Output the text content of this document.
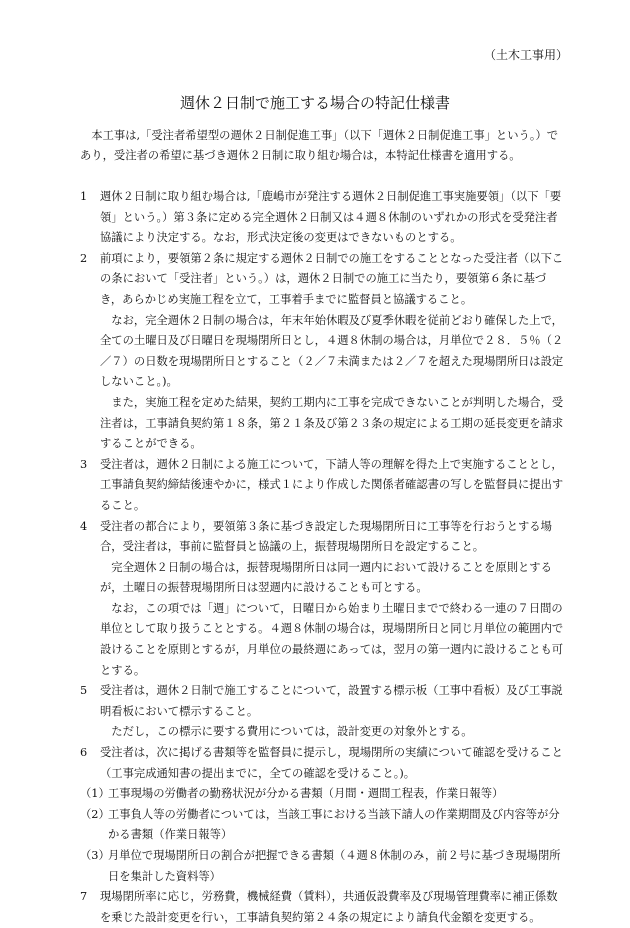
（土木工事用）
週休２日制で施工する場合の特記仕様書

本工事は,「受注者希望型の週休２日制促進工事」（以下「週休２日制促進工事」という。）であり，受注者の希望に基づき週休２日制に取り組む場合は，本特記仕様書を適用する。

1	週休２日制に取り組む場合は,「鹿嶋市が発注する週休２日制促進工事実施要領」（以下「要領」という。）第３条に定める完全週休２日制又は４週８休制のいずれかの形式を受発注者協議により決定する。なお，形式決定後の変更はできないものとする。
2	前項により，要領第２条に規定する週休２日制での施工をすることとなった受注者（以下この条において「受注者」という。）は，週休２日制での施工に当たり，要領第６条に基づき，あらかじめ実施工程を立て，工事着手までに監督員と協議すること。

なお，完全週休２日制の場合は，年末年始休暇及び夏季休暇を従前どおり確保した上で，全ての土曜日及び日曜日を現場閉所日とし，４週８休制の場合は，月単位で２８．５％（２／７）の日数を現場閉所日とすること（２／７未満または２／７を超えた現場閉所日は設定しないこと。)。

また，実施工程を定めた結果，契約工期内に工事を完成できないことが判明した場合，受注者は，工事請負契約第１８条，第２１条及び第２３条の規定による工期の延長変更を請求することができる。

3	受注者は，週休２日制による施工について，下請人等の理解を得た上で実施することとし，工事請負契約締結後速やかに，様式１により作成した関係者確認書の写しを監督員に提出すること。
4	受注者の都合により，要領第３条に基づき設定した現場閉所日に工事等を行おうとする場合，受注者は，事前に監督員と協議の上，振替現場閉所日を設定すること。

完全週休２日制の場合は，振替現場閉所日は同一週内において設けることを原則とするが，土曜日の振替現場閉所日は翌週内に設けることも可とする。

なお，この項では「週」について，日曜日から始まり土曜日までで終わる一連の７日間の単位として取り扱うこととする。４週８休制の場合は，現場閉所日と同じ月単位の範囲内で設けることを原則とするが，月単位の最終週にあっては，翌月の第一週内に設けることも可とする。

5	受注者は，週休２日制で施工することについて，設置する標示板（工事中看板）及び工事説明看板において標示すること。

ただし，この標示に要する費用については，設計変更の対象外とする。

6	受注者は，次に掲げる書類等を監督員に提示し，現場閉所の実績について確認を受けること（工事完成通知書の提出までに，全ての確認を受けること。)。
（1）
工事現場の労働者の勤務状況が分かる書類（月間・週間工程表，作業日報等）
（2）
工事負人等の労働者については，当該工事における当該下請人の作業期間及び内容等が分かる書類（作業日報等）
（3）
月単位で現場閉所日の割合が把握できる書類（４週８休制のみ，前２号に基づき現場閉所日を集計した資料等）
7	現場閉所率に応じ，労務費，機械経費（賃料），共通仮設費率及び現場管理費率に補正係数を乗じた設計変更を行い，工事請負契約第２４条の規定により請負代金額を変更する。
